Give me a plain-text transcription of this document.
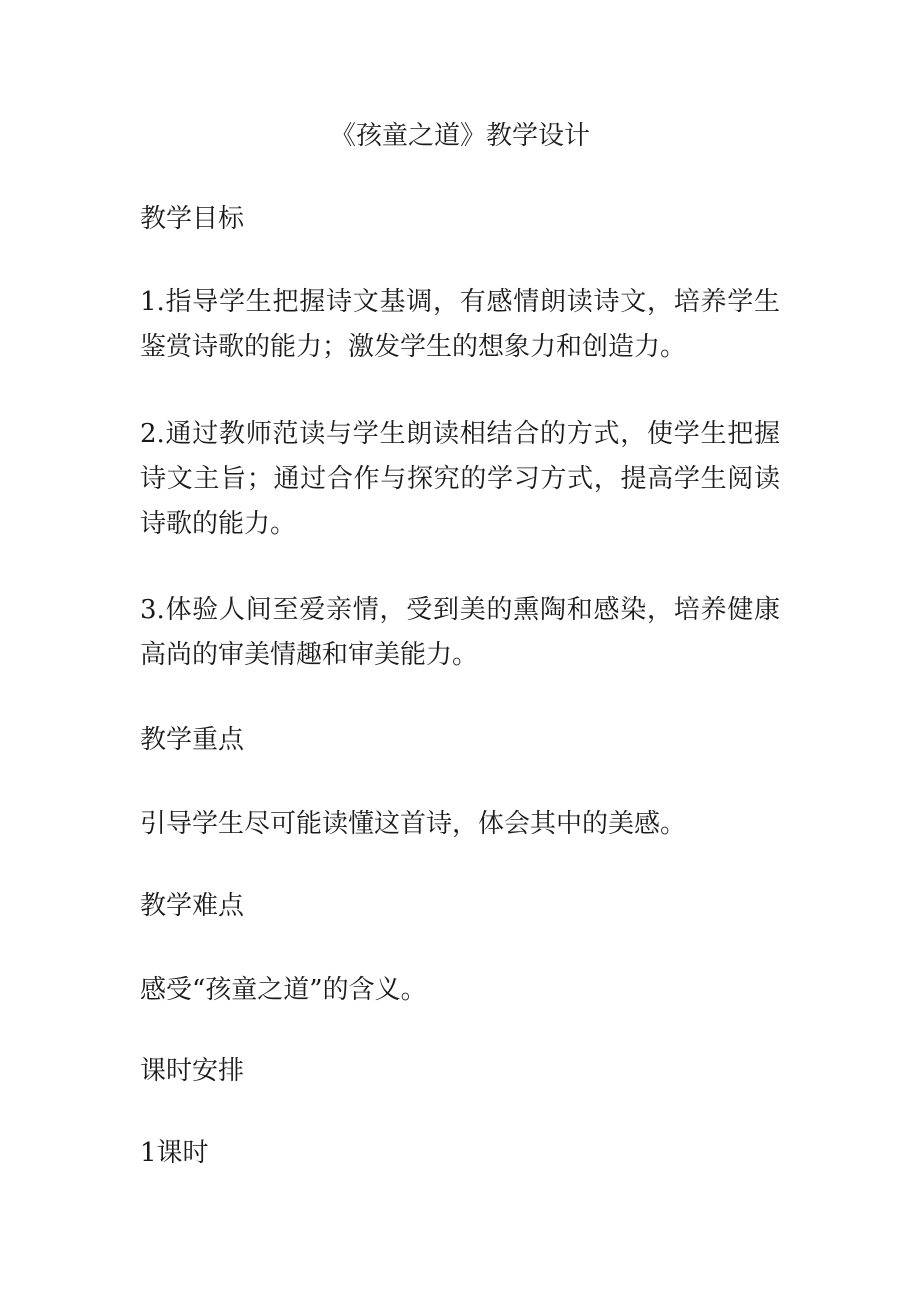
《孩童之道》教学设计

教学目标

1.指导学生把握诗文基调，有感情朗读诗文，培养学生鉴赏诗歌的能力；激发学生的想象力和创造力。

2.通过教师范读与学生朗读相结合的方式，使学生把握诗文主旨；通过合作与探究的学习方式，提高学生阅读诗歌的能力。

3.体验人间至爱亲情，受到美的熏陶和感染，培养健康高尚的审美情趣和审美能力。

教学重点

引导学生尽可能读懂这首诗，体会其中的美感。

教学难点

感受“孩童之道”的含义。

课时安排

1课时
